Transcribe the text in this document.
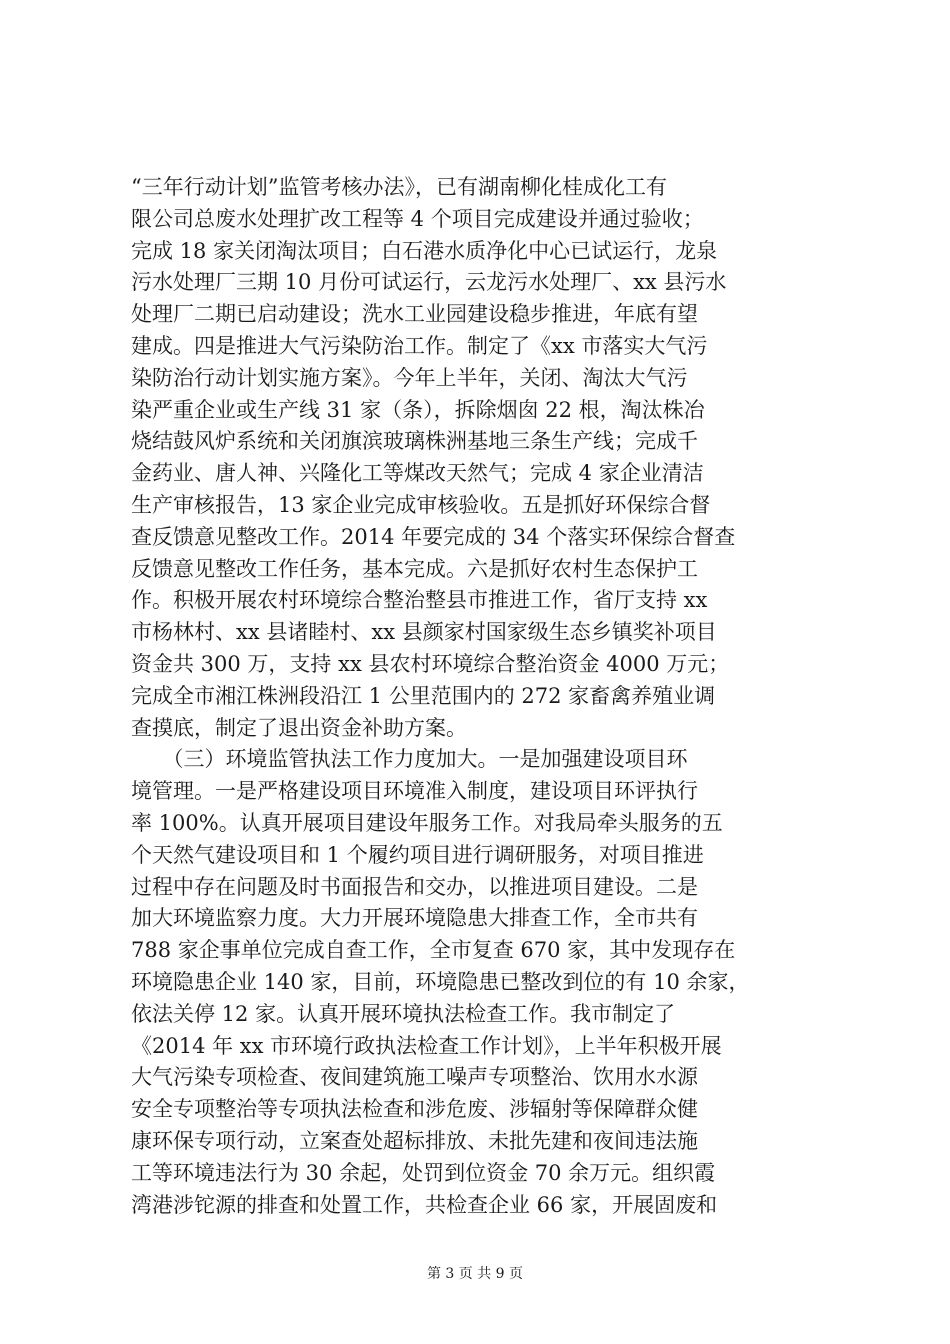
“三年行动计划”监管考核办法》，已有湖南柳化桂成化工有
限公司总废水处理扩改工程等 4 个项目完成建设并通过验收；
完成 18 家关闭淘汰项目；白石港水质净化中心已试运行，龙泉
污水处理厂三期 10 月份可试运行，云龙污水处理厂、xx 县污水
处理厂二期已启动建设；洗水工业园建设稳步推进，年底有望
建成。四是推进大气污染防治工作。制定了《xx 市落实大气污
染防治行动计划实施方案》。今年上半年，关闭、淘汰大气污
染严重企业或生产线 31 家（条），拆除烟囱 22 根，淘汰株冶
烧结鼓风炉系统和关闭旗滨玻璃株洲基地三条生产线；完成千
金药业、唐人神、兴隆化工等煤改天然气；完成 4 家企业清洁
生产审核报告，13 家企业完成审核验收。五是抓好环保综合督
查反馈意见整改工作。2014 年要完成的 34 个落实环保综合督查
反馈意见整改工作任务，基本完成。六是抓好农村生态保护工
作。积极开展农村环境综合整治整县市推进工作，省厅支持 xx
市杨林村、xx 县诸睦村、xx 县颜家村国家级生态乡镇奖补项目
资金共 300 万，支持 xx 县农村环境综合整治资金 4000 万元；
完成全市湘江株洲段沿江 1 公里范围内的 272 家畜禽养殖业调
查摸底，制定了退出资金补助方案。
　　（三）环境监管执法工作力度加大。一是加强建设项目环
境管理。一是严格建设项目环境准入制度，建设项目环评执行
率 100%。认真开展项目建设年服务工作。对我局牵头服务的五
个天然气建设项目和 1 个履约项目进行调研服务，对项目推进
过程中存在问题及时书面报告和交办，以推进项目建设。二是
加大环境监察力度。大力开展环境隐患大排查工作，全市共有
788 家企事单位完成自查工作，全市复查 670 家，其中发现存在
环境隐患企业 140 家，目前，环境隐患已整改到位的有 10 余家，
依法关停 12 家。认真开展环境执法检查工作。我市制定了
《2014 年 xx 市环境行政执法检查工作计划》，上半年积极开展
大气污染专项检查、夜间建筑施工噪声专项整治、饮用水水源
安全专项整治等专项执法检查和涉危废、涉辐射等保障群众健
康环保专项行动，立案查处超标排放、未批先建和夜间违法施
工等环境违法行为 30 余起，处罚到位资金 70 余万元。组织霞
湾港涉铊源的排查和处置工作，共检查企业 66 家，开展固废和
第 3 页 共 9 页
